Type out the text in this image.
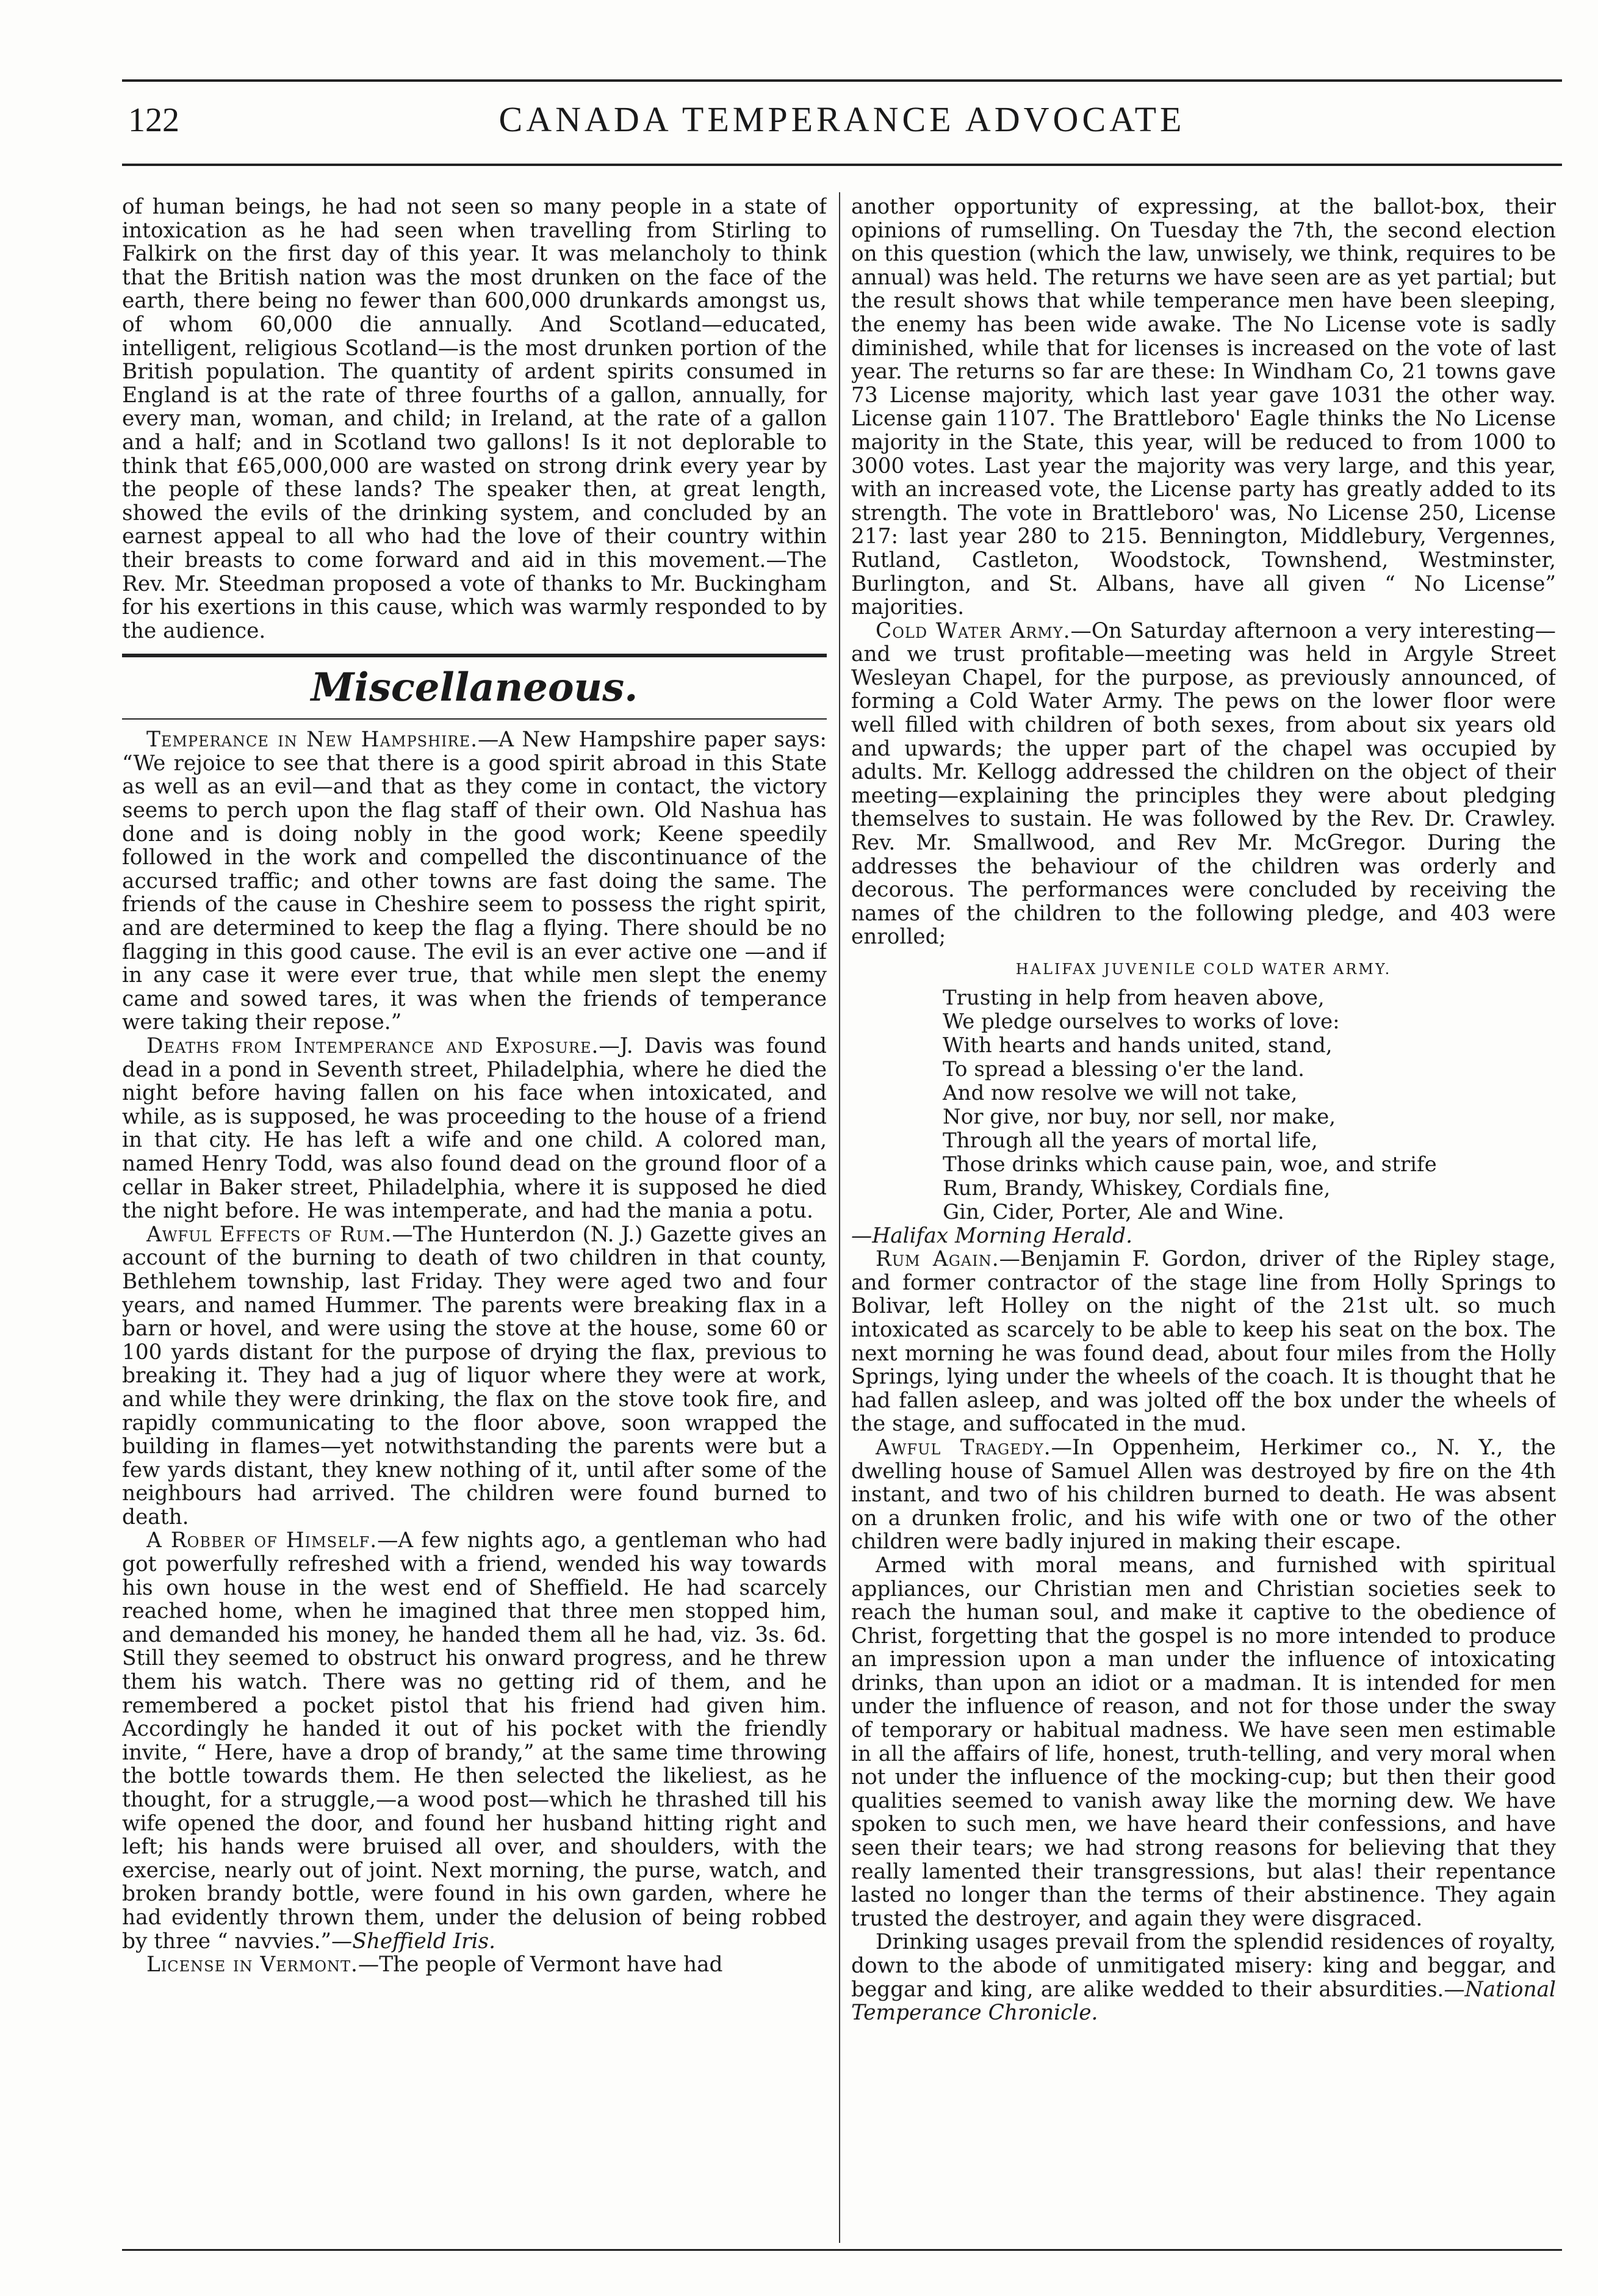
122	CANADA TEMPERANCE ADVOCATE

of human beings, he had not seen so many people in a state of intoxication as he had seen when travelling from Stirling to Falkirk on the first day of this year. It was melancholy to think that the British nation was the most drunken on the face of the earth, there being no fewer than 600,000 drunkards amongst us, of whom 60,000 die annually. And Scotland—educated, intelligent, religious Scotland—is the most drunken portion of the British population. The quantity of ardent spirits consumed in England is at the rate of three fourths of a gallon, annually, for every man, woman, and child; in Ireland, at the rate of a gallon and a half; and in Scotland two gallons! Is it not deplorable to think that £65,000,000 are wasted on strong drink every year by the people of these lands? The speaker then, at great length, showed the evils of the drinking system, and concluded by an earnest appeal to all who had the love of their country within their breasts to come forward and aid in this movement.—The Rev. Mr. Steedman proposed a vote of thanks to Mr. Buckingham for his exertions in this cause, which was warmly responded to by the audience.

Miscellaneous.

Temperance in New Hampshire.—A New Hampshire paper says: “We rejoice to see that there is a good spirit abroad in this State as well as an evil—and that as they come in contact, the victory seems to perch upon the flag staff of their own. Old Nashua has done and is doing nobly in the good work; Keene speedily followed in the work and compelled the discontinuance of the accursed traffic; and other towns are fast doing the same. The friends of the cause in Cheshire seem to possess the right spirit, and are determined to keep the flag a flying. There should be no flagging in this good cause. The evil is an ever active one —and if in any case it were ever true, that while men slept the enemy came and sowed tares, it was when the friends of temperance were taking their repose.”

Deaths from Intemperance and Exposure.—J. Davis was found dead in a pond in Seventh street, Philadelphia, where he died the night before having fallen on his face when intoxicated, and while, as is supposed, he was proceeding to the house of a friend in that city. He has left a wife and one child. A colored man, named Henry Todd, was also found dead on the ground floor of a cellar in Baker street, Philadelphia, where it is supposed he died the night before. He was intemperate, and had the mania a potu.

Awful Effects of Rum.—The Hunterdon (N. J.) Gazette gives an account of the burning to death of two children in that county, Bethlehem township, last Friday. They were aged two and four years, and named Hummer. The parents were breaking flax in a barn or hovel, and were using the stove at the house, some 60 or 100 yards distant for the purpose of drying the flax, previous to breaking it. They had a jug of liquor where they were at work, and while they were drinking, the flax on the stove took fire, and rapidly communicating to the floor above, soon wrapped the building in flames—yet notwithstanding the parents were but a few yards distant, they knew nothing of it, until after some of the neighbours had arrived. The children were found burned to death.

A Robber of Himself.—A few nights ago, a gentleman who had got powerfully refreshed with a friend, wended his way towards his own house in the west end of Sheffield. He had scarcely reached home, when he imagined that three men stopped him, and demanded his money, he handed them all he had, viz. 3s. 6d. Still they seemed to obstruct his onward progress, and he threw them his watch. There was no getting rid of them, and he remembered a pocket pistol that his friend had given him. Accordingly he handed it out of his pocket with the friendly invite, “ Here, have a drop of brandy,” at the same time throwing the bottle towards them. He then selected the likeliest, as he thought, for a struggle,—a wood post—which he thrashed till his wife opened the door, and found her husband hitting right and left; his hands were bruised all over, and shoulders, with the exercise, nearly out of joint. Next morning, the purse, watch, and broken brandy bottle, were found in his own garden, where he had evidently thrown them, under the delusion of being robbed by three “ navvies.”—Sheffield Iris.

License in Vermont.—The people of Vermont have had

another opportunity of expressing, at the ballot-box, their opinions of rumselling. On Tuesday the 7th, the second election on this question (which the law, unwisely, we think, requires to be annual) was held. The returns we have seen are as yet partial; but the result shows that while temperance men have been sleeping, the enemy has been wide awake. The No License vote is sadly diminished, while that for licenses is increased on the vote of last year. The returns so far are these: In Windham Co, 21 towns gave 73 License majority, which last year gave 1031 the other way. License gain 1107. The Brattleboro' Eagle thinks the No License majority in the State, this year, will be reduced to from 1000 to 3000 votes. Last year the majority was very large, and this year, with an increased vote, the License party has greatly added to its strength. The vote in Brattleboro' was, No License 250, License 217: last year 280 to 215. Bennington, Middlebury, Vergennes, Rutland, Castleton, Woodstock, Townshend, Westminster, Burlington, and St. Albans, have all given “ No License” majorities.

Cold Water Army.—On Saturday afternoon a very interesting—and we trust profitable—meeting was held in Argyle Street Wesleyan Chapel, for the purpose, as previously announced, of forming a Cold Water Army. The pews on the lower floor were well filled with children of both sexes, from about six years old and upwards; the upper part of the chapel was occupied by adults. Mr. Kellogg addressed the children on the object of their meeting—explaining the principles they were about pledging themselves to sustain. He was followed by the Rev. Dr. Crawley. Rev. Mr. Smallwood, and Rev Mr. McGregor. During the addresses the behaviour of the children was orderly and decorous. The performances were concluded by receiving the names of the children to the following pledge, and 403 were enrolled;

HALIFAX JUVENILE COLD WATER ARMY.
Trusting in help from heaven above,
We pledge ourselves to works of love:
With hearts and hands united, stand,
To spread a blessing o'er the land.
And now resolve we will not take,
Nor give, nor buy, nor sell, nor make,
Through all the years of mortal life,
Those drinks which cause pain, woe, and strife
Rum, Brandy, Whiskey, Cordials fine,
Gin, Cider, Porter, Ale and Wine.

—Halifax Morning Herald.

Rum Again.—Benjamin F. Gordon, driver of the Ripley stage, and former contractor of the stage line from Holly Springs to Bolivar, left Holley on the night of the 21st ult. so much intoxicated as scarcely to be able to keep his seat on the box. The next morning he was found dead, about four miles from the Holly Springs, lying under the wheels of the coach. It is thought that he had fallen asleep, and was jolted off the box under the wheels of the stage, and suffocated in the mud.

Awful Tragedy.—In Oppenheim, Herkimer co., N. Y., the dwelling house of Samuel Allen was destroyed by fire on the 4th instant, and two of his children burned to death. He was absent on a drunken frolic, and his wife with one or two of the other children were badly injured in making their escape.

Armed with moral means, and furnished with spiritual appliances, our Christian men and Christian societies seek to reach the human soul, and make it captive to the obedience of Christ, forgetting that the gospel is no more intended to produce an impression upon a man under the influence of intoxicating drinks, than upon an idiot or a madman. It is intended for men under the influence of reason, and not for those under the sway of temporary or habitual madness. We have seen men estimable in all the affairs of life, honest, truth-telling, and very moral when not under the influence of the mocking-cup; but then their good qualities seemed to vanish away like the morning dew. We have spoken to such men, we have heard their confessions, and have seen their tears; we had strong reasons for believing that they really lamented their transgressions, but alas! their repentance lasted no longer than the terms of their abstinence. They again trusted the destroyer, and again they were disgraced.

Drinking usages prevail from the splendid residences of royalty, down to the abode of unmitigated misery: king and beggar, and beggar and king, are alike wedded to their absurdities.—National Temperance Chronicle.
